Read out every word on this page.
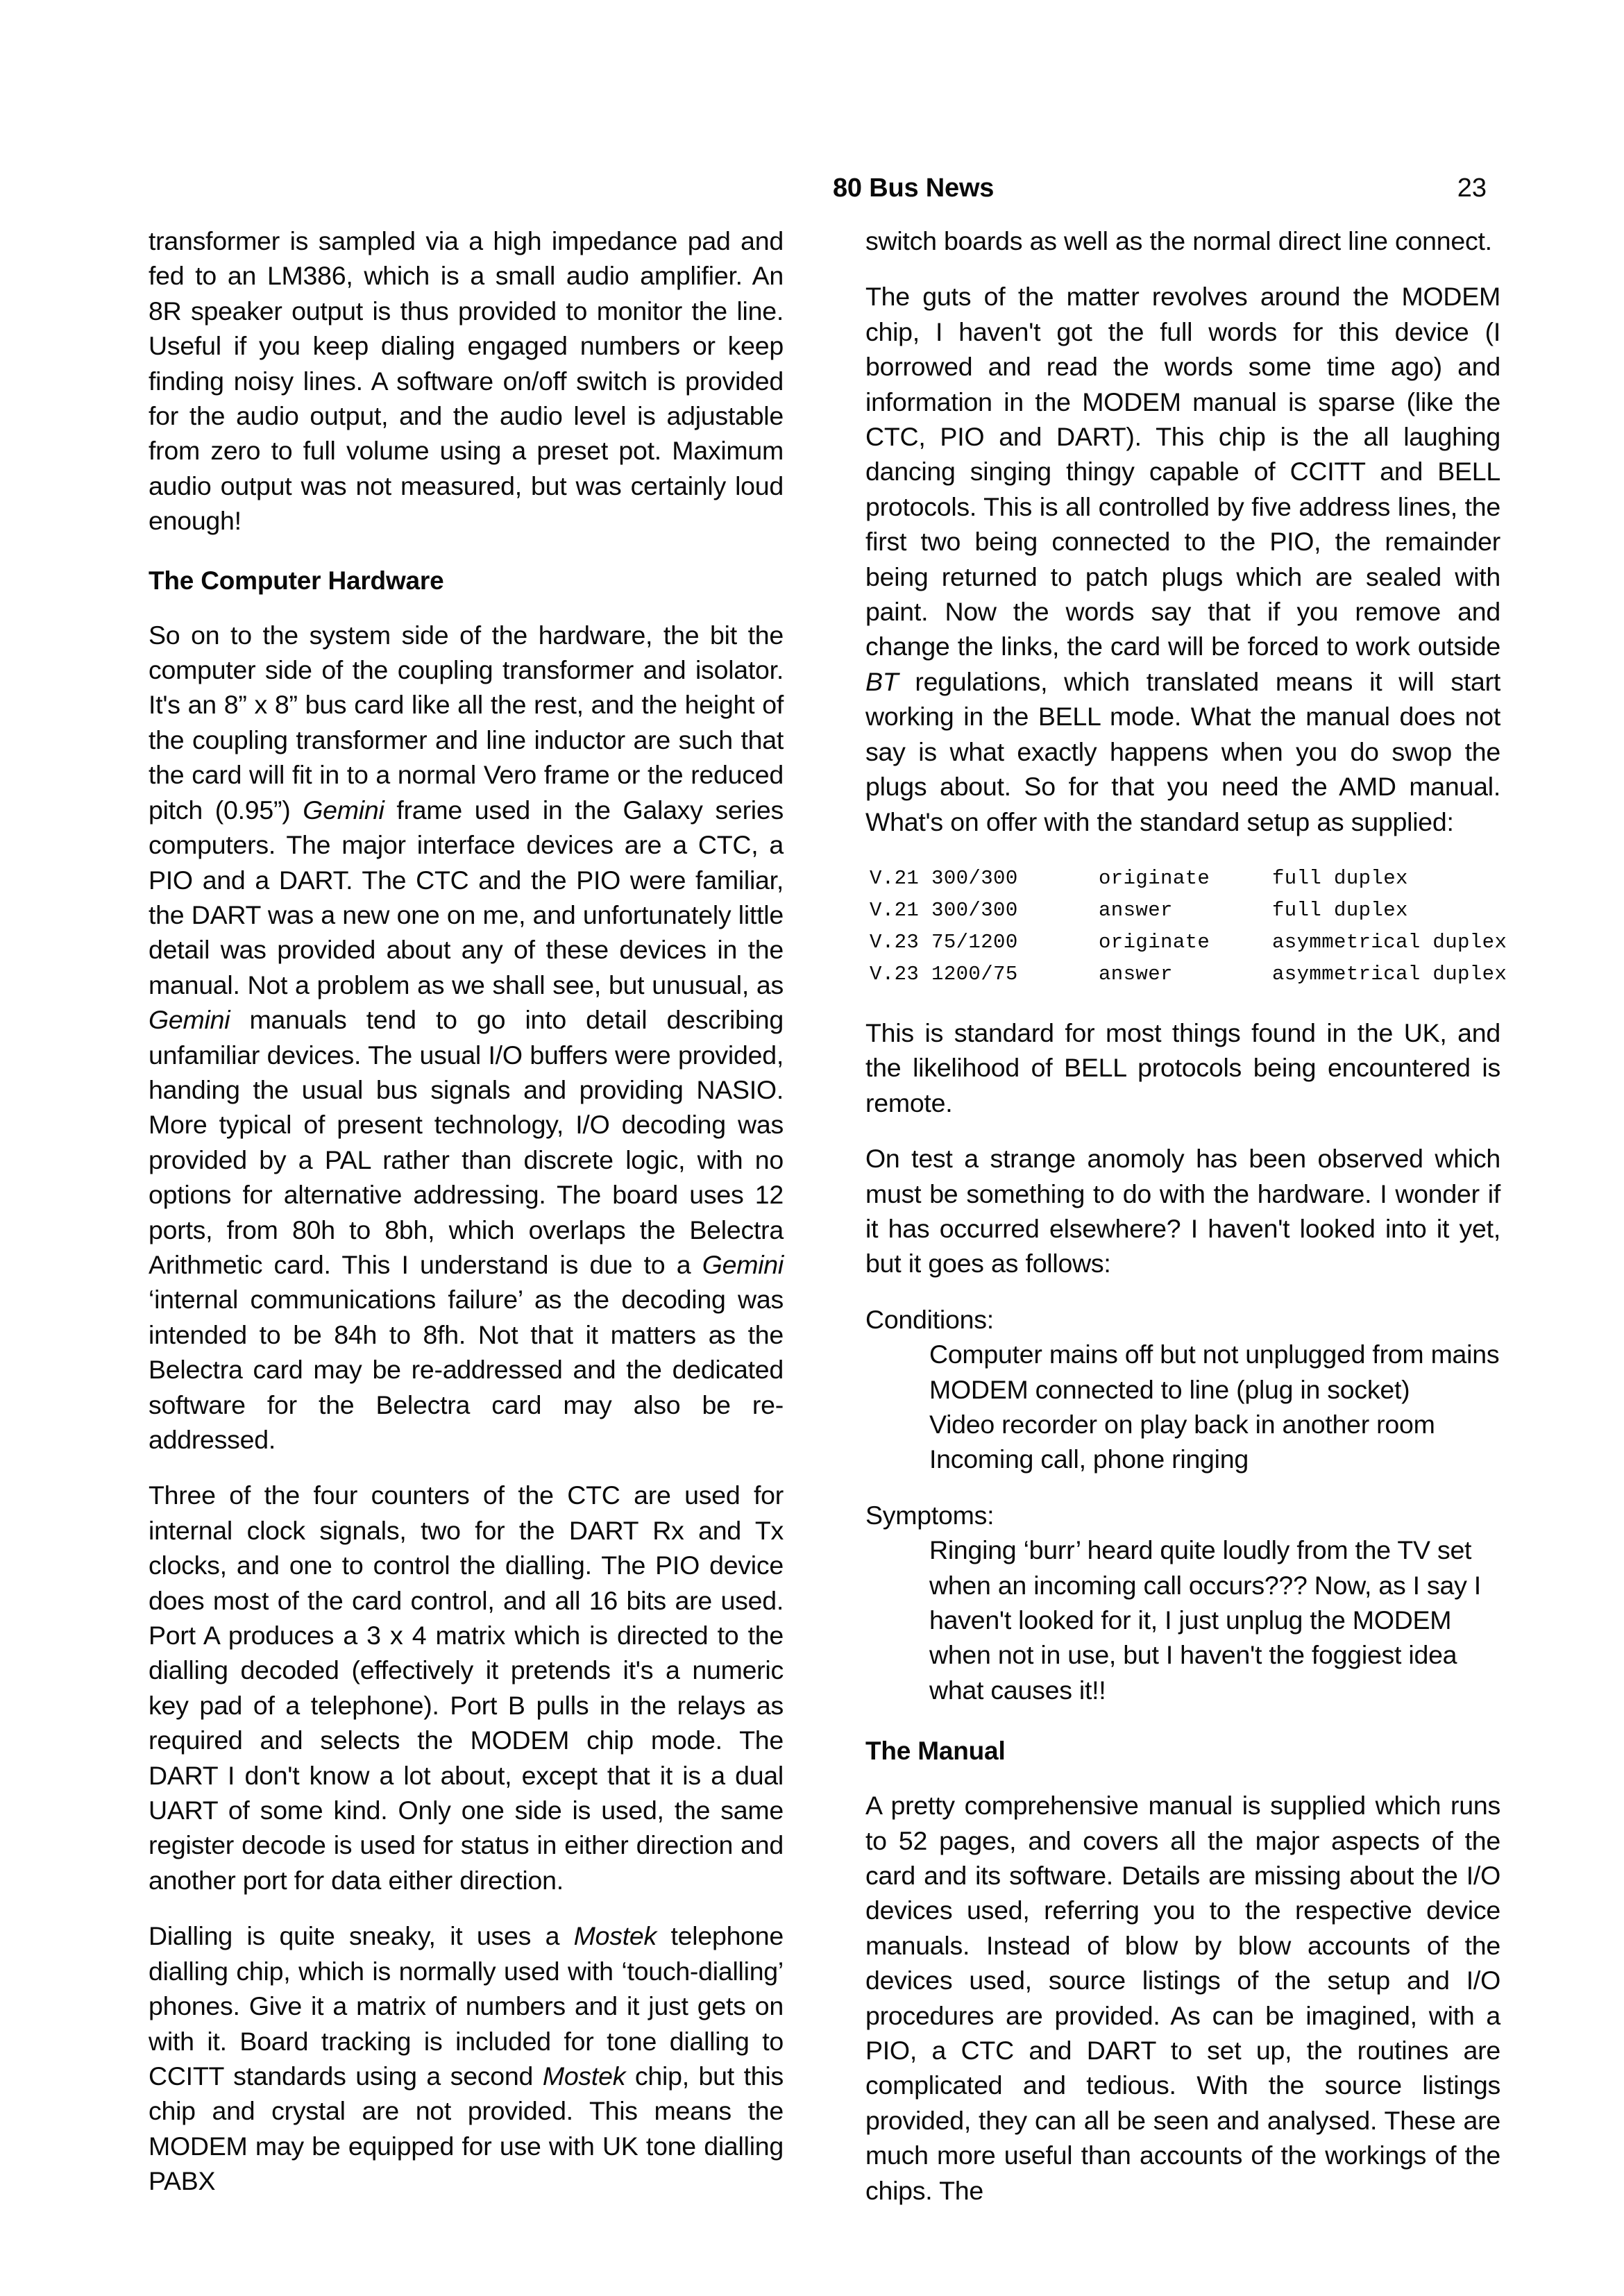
80 Bus News	23

transformer is sampled via a high impedance pad and fed to an LM386, which is a small audio amplifier. An 8R speaker output is thus provided to monitor the line. Useful if you keep dialing engaged numbers or keep finding noisy lines. A software on/off switch is provided for the audio output, and the audio level is adjustable from zero to full volume using a preset pot. Maximum audio output was not measured, but was certainly loud enough!

The Computer Hardware

So on to the system side of the hardware, the bit the computer side of the coupling transformer and isolator. It's an 8” x 8” bus card like all the rest, and the height of the coupling transformer and line inductor are such that the card will fit in to a normal Vero frame or the reduced pitch (0.95”) Gemini frame used in the Galaxy series computers. The major interface devices are a CTC, a PIO and a DART. The CTC and the PIO were familiar, the DART was a new one on me, and unfortunately little detail was provided about any of these devices in the manual. Not a problem as we shall see, but unusual, as Gemini manuals tend to go into detail describing unfamiliar devices. The usual I/O buffers were provided, handing the usual bus signals and providing NASIO. More typical of present technology, I/O decoding was provided by a PAL rather than discrete logic, with no options for alternative addressing. The board uses 12 ports, from 80h to 8bh, which overlaps the Belectra Arithmetic card. This I understand is due to a Gemini ‘internal communications failure’ as the decoding was intended to be 84h to 8fh. Not that it matters as the Belectra card may be re-addressed and the dedicated software for the Belectra card may also be re-addressed.

Three of the four counters of the CTC are used for internal clock signals, two for the DART Rx and Tx clocks, and one to control the dialling. The PIO device does most of the card control, and all 16 bits are used. Port A produces a 3 x 4 matrix which is directed to the dialling decoded (effectively it pretends it's a numeric key pad of a telephone). Port B pulls in the relays as required and selects the MODEM chip mode. The DART I don't know a lot about, except that it is a dual UART of some kind. Only one side is used, the same register decode is used for status in either direction and another port for data either direction.

Dialling is quite sneaky, it uses a Mostek telephone dialling chip, which is normally used with ‘touch-dialling’ phones. Give it a matrix of numbers and it just gets on with it. Board tracking is included for tone dialling to CCITT standards using a second Mostek chip, but this chip and crystal are not provided. This means the MODEM may be equipped for use with UK tone dialling PABX

switch boards as well as the normal direct line connect.

The guts of the matter revolves around the MODEM chip, I haven't got the full words for this device (I borrowed and read the words some time ago) and information in the MODEM manual is sparse (like the CTC, PIO and DART). This chip is the all laughing dancing singing thingy capable of CCITT and BELL protocols. This is all controlled by five address lines, the first two being connected to the PIO, the remainder being returned to patch plugs which are sealed with paint. Now the words say that if you remove and change the links, the card will be forced to work outside BT regulations, which translated means it will start working in the BELL mode. What the manual does not say is what exactly happens when you do swop the plugs about. So for that you need the AMD manual. What's on offer with the standard setup as supplied:

V.21 300/300	originate	full duplex
V.21 300/300	answer	full duplex
V.23 75/1200	originate	asymmetrical duplex
V.23 1200/75	answer	asymmetrical duplex

This is standard for most things found in the UK, and the likelihood of BELL protocols being encountered is remote.

On test a strange anomoly has been observed which must be something to do with the hardware. I wonder if it has occurred elsewhere? I haven't looked into it yet, but it goes as follows:

Conditions:
Computer mains off but not unplugged from mains
MODEM connected to line (plug in socket)
Video recorder on play back in another room
Incoming call, phone ringing
Symptoms:
Ringing ‘burr’ heard quite loudly from the TV set when an incoming call occurs??? Now, as I say I haven't looked for it, I just unplug the MODEM when not in use, but I haven't the foggiest idea what causes it!!
The Manual

A pretty comprehensive manual is supplied which runs to 52 pages, and covers all the major aspects of the card and its software. Details are missing about the I/O devices used, referring you to the respective device manuals. Instead of blow by blow accounts of the devices used, source listings of the setup and I/O procedures are provided. As can be imagined, with a PIO, a CTC and DART to set up, the routines are complicated and tedious. With the source listings provided, they can all be seen and analysed. These are much more useful than accounts of the workings of the chips. The
